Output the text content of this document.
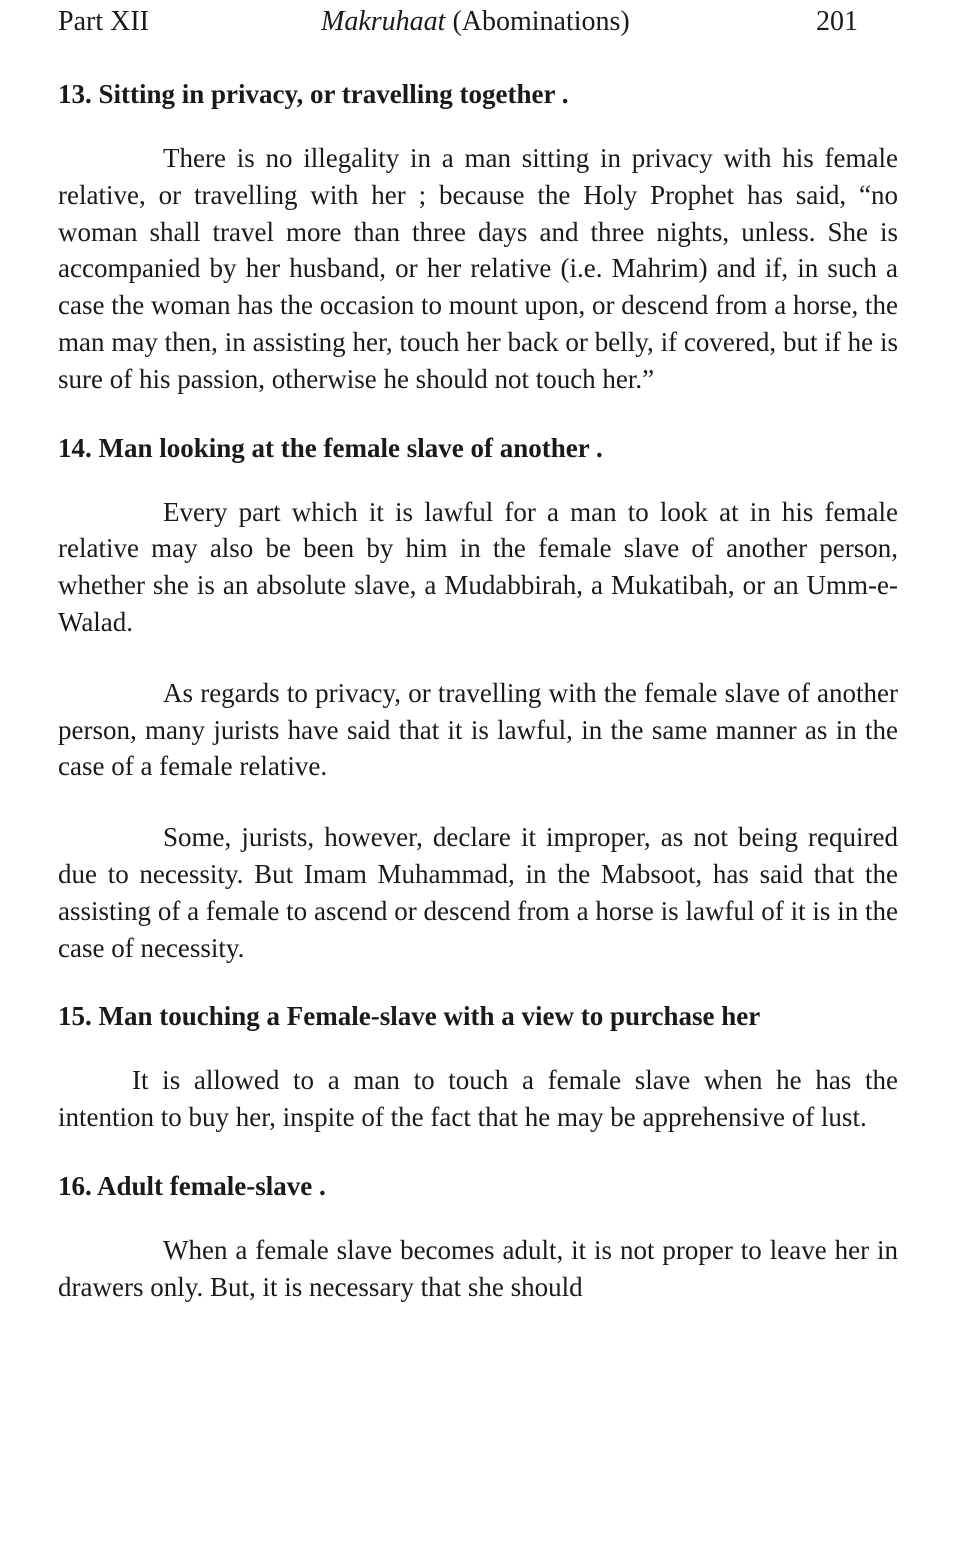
Part XII	Makruhaat (Abominations)	201
13. Sitting in privacy, or travelling together .

There is no illegality in a man sitting in privacy with his female relative, or travelling with her ; because the Holy Prophet has said, “no woman shall travel more than three days and three nights, unless. She is accompanied by her husband, or her relative (i.e. Mahrim) and if, in such a case the woman has the occasion to mount upon, or descend from a horse, the man may then, in assisting her, touch her back or belly, if covered, but if he is sure of his passion, otherwise he should not touch her.”

14. Man looking at the female slave of another .

Every part which it is lawful for a man to look at in his female relative may also be been by him in the female slave of another person, whether she is an absolute slave, a Mudabbirah, a Mukatibah, or an Umm-e-Walad.

As regards to privacy, or travelling with the female slave of another person, many jurists have said that it is lawful, in the same manner as in the case of a female relative.

Some, jurists, however, declare it improper, as not being required due to necessity. But Imam Muhammad, in the Mabsoot, has said that the assisting of a female to ascend or descend from a horse is lawful of it is in the case of necessity.

15. Man touching a Female-slave with a view to purchase her

It is allowed to a man to touch a female slave when he has the intention to buy her, inspite of the fact that he may be apprehensive of lust.

16. Adult female-slave .

When a female slave becomes adult, it is not proper to leave her in drawers only. But, it is necessary that she should
